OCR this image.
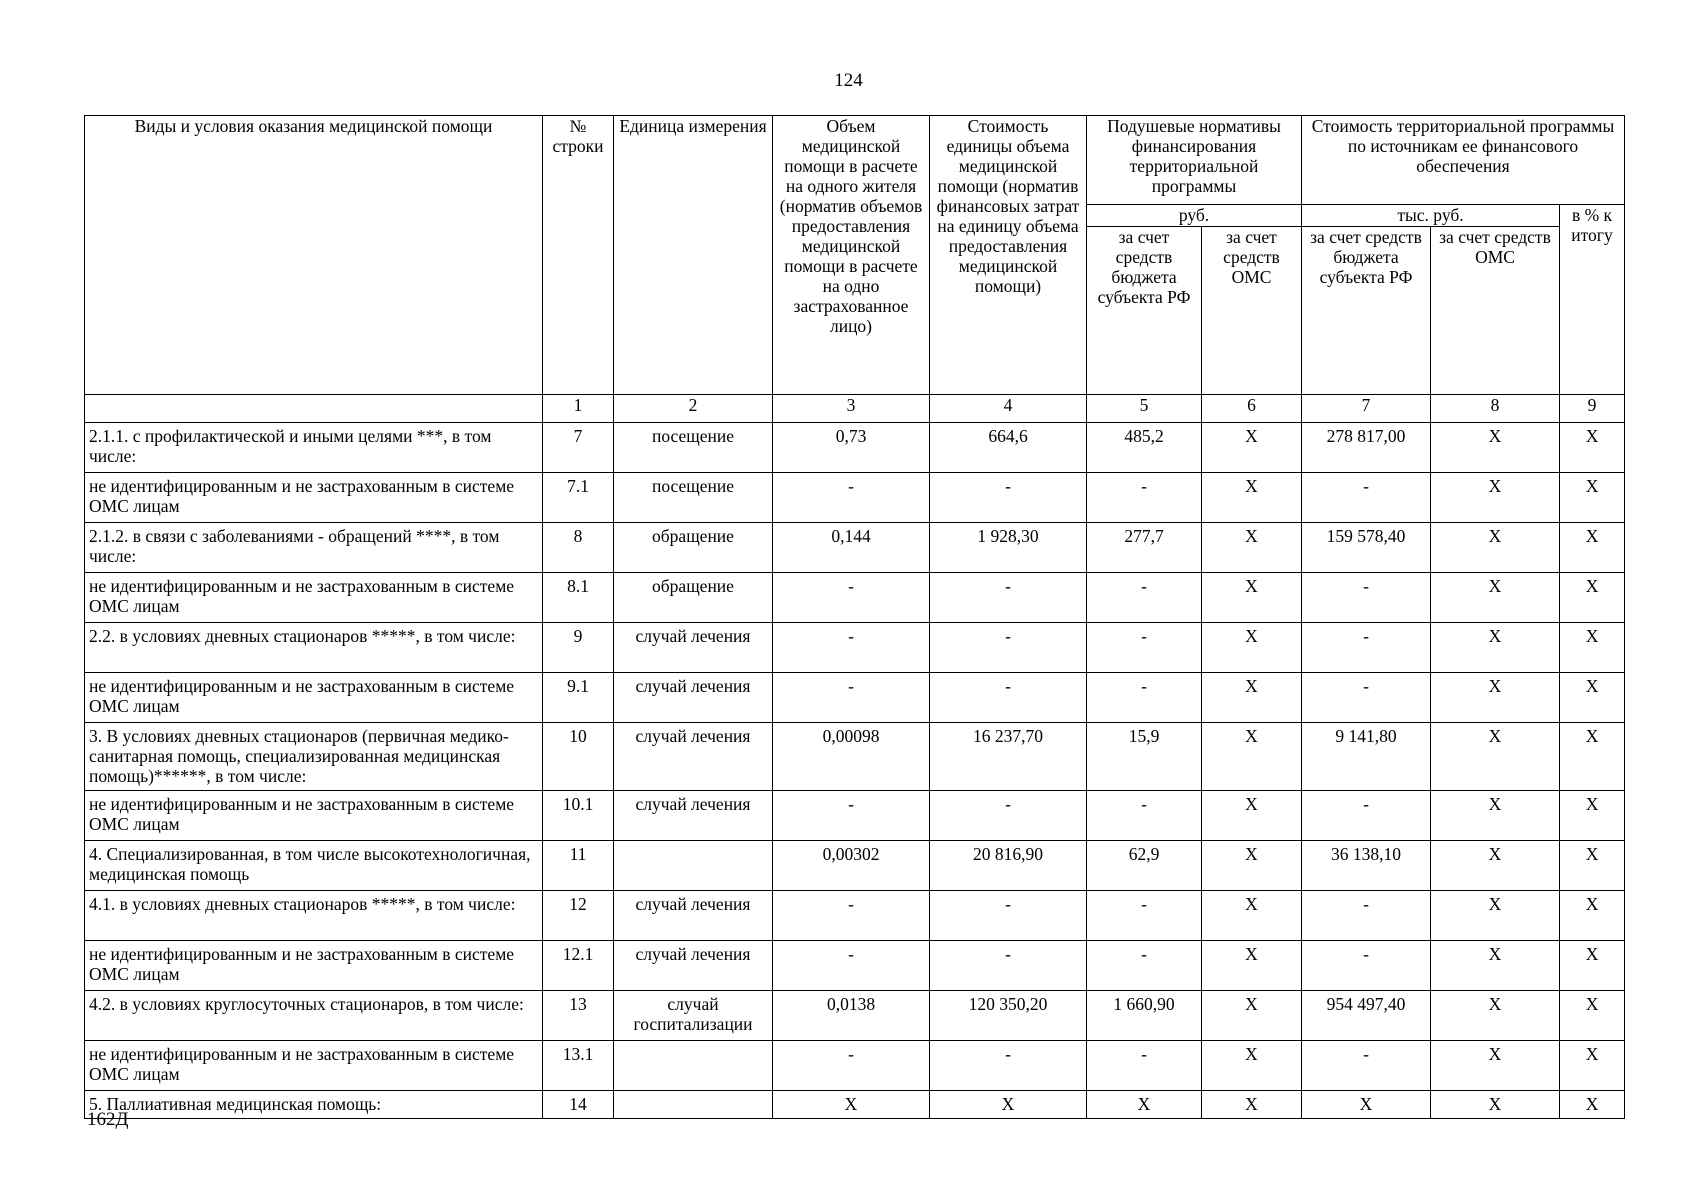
124
Виды и условия оказания медицинской помощи	№ строки	Единица измерения	Объем медицинской помощи в расчете на одного жителя (норматив объемов предоставления медицинской помощи в расчете на одно застрахованное лицо)	Стоимость единицы объема медицинской помощи (норматив финансовых затрат на единицу объема предоставления медицинской помощи)	Подушевые нормативы финансирования территориальной программы		Стоимость территориальной программы по источникам ее финансового обеспечения		
					руб.		тыс. руб.		в % к итогу
					за счет средств бюджета субъекта РФ	за счет средств ОМС	за счет средств бюджета субъекта РФ	за счет средств ОМС	
	1	2	3	4	5	6	7	8	9
2.1.1. с профилактической и иными целями ***, в том числе:	7	посещение	0,73	664,6	485,2	Х	278 817,00	Х	Х
не идентифицированным и не застрахованным в системе ОМС лицам	7.1	посещение	-	-	-	Х	-	Х	Х
2.1.2. в связи с заболеваниями - обращений ****, в том числе:	8	обращение	0,144	1 928,30	277,7	Х	159 578,40	Х	Х
не идентифицированным и не застрахованным в системе ОМС лицам	8.1	обращение	-	-	-	Х	-	Х	Х
2.2. в условиях дневных стационаров *****, в том числе:	9	случай лечения	-	-	-	Х	-	Х	Х
не идентифицированным и не застрахованным в системе ОМС лицам	9.1	случай лечения	-	-	-	Х	-	Х	Х
3. В условиях дневных стационаров (первичная медико-санитарная помощь, специализированная медицинская помощь)******, в том числе:	10	случай лечения	0,00098	16 237,70	15,9	Х	9 141,80	Х	Х
не идентифицированным и не застрахованным в системе ОМС лицам	10.1	случай лечения	-	-	-	Х	-	Х	Х
4. Специализированная, в том числе высокотехнологичная, медицинская помощь	11		0,00302	20 816,90	62,9	Х	36 138,10	Х	Х
4.1. в условиях дневных стационаров *****, в том числе:	12	случай лечения	-	-	-	Х	-	Х	Х
не идентифицированным и не застрахованным в системе ОМС лицам	12.1	случай лечения	-	-	-	Х	-	Х	Х
4.2. в условиях круглосуточных стационаров, в том числе:	13	случай госпитализации	0,0138	120 350,20	1 660,90	Х	954 497,40	Х	Х
не идентифицированным и не застрахованным в системе ОМС лицам	13.1		-	-	-	Х	-	Х	Х
5. Паллиативная медицинская помощь:	14		Х	Х	Х	Х	Х	Х	Х
162Д
